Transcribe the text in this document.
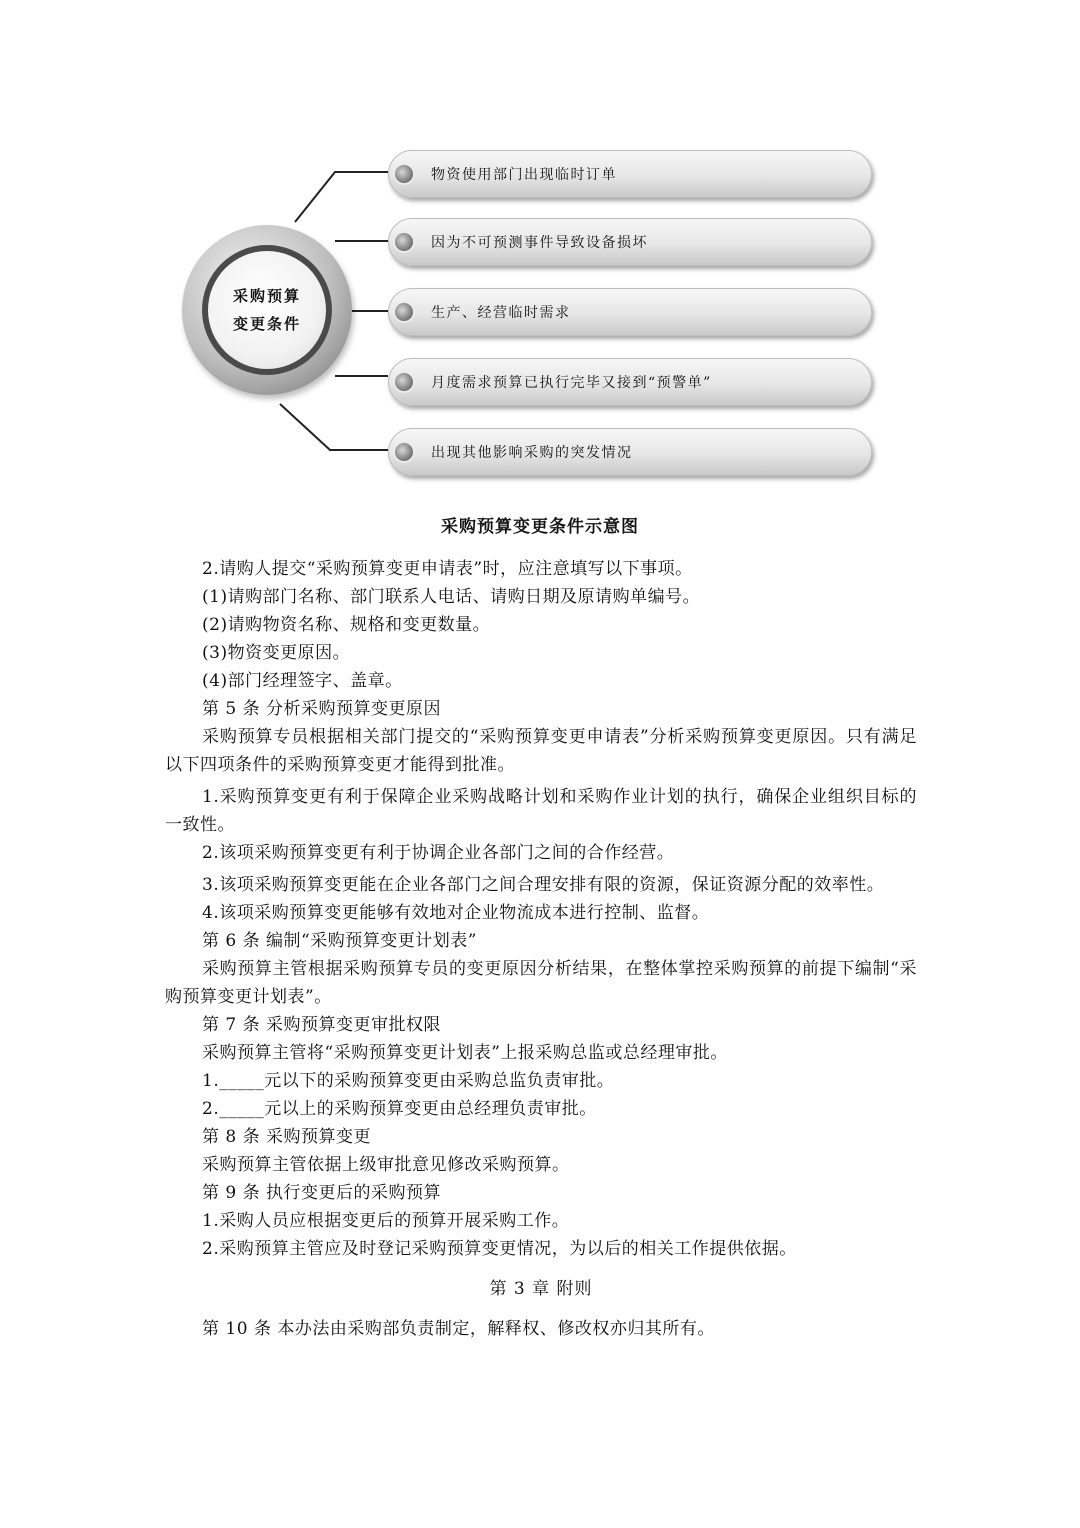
采购预算
变更条件
物资使用部门出现临时订单
因为不可预测事件导致设备损坏
生产、经营临时需求
月度需求预算已执行完毕又接到“预警单”
出现其他影响采购的突发情况
采购预算变更条件示意图

2.请购人提交“采购预算变更申请表”时，应注意填写以下事项。

(1)请购部门名称、部门联系人电话、请购日期及原请购单编号。

(2)请购物资名称、规格和变更数量。

(3)物资变更原因。

(4)部门经理签字、盖章。

第 5 条 分析采购预算变更原因

采购预算专员根据相关部门提交的“采购预算变更申请表”分析采购预算变更原因。只有满足以下四项条件的采购预算变更才能得到批准。

1.采购预算变更有利于保障企业采购战略计划和采购作业计划的执行，确保企业组织目标的一致性。

2.该项采购预算变更有利于协调企业各部门之间的合作经营。

3.该项采购预算变更能在企业各部门之间合理安排有限的资源，保证资源分配的效率性。

4.该项采购预算变更能够有效地对企业物流成本进行控制、监督。

第 6 条 编制“采购预算变更计划表”

采购预算主管根据采购预算专员的变更原因分析结果，在整体掌控采购预算的前提下编制“采购预算变更计划表”。

第 7 条 采购预算变更审批权限

采购预算主管将“采购预算变更计划表”上报采购总监或总经理审批。

1._____元以下的采购预算变更由采购总监负责审批。

2._____元以上的采购预算变更由总经理负责审批。

第 8 条 采购预算变更

采购预算主管依据上级审批意见修改采购预算。

第 9 条 执行变更后的采购预算

1.采购人员应根据变更后的预算开展采购工作。

2.采购预算主管应及时登记采购预算变更情况，为以后的相关工作提供依据。

第 3 章 附则

第 10 条 本办法由采购部负责制定，解释权、修改权亦归其所有。
